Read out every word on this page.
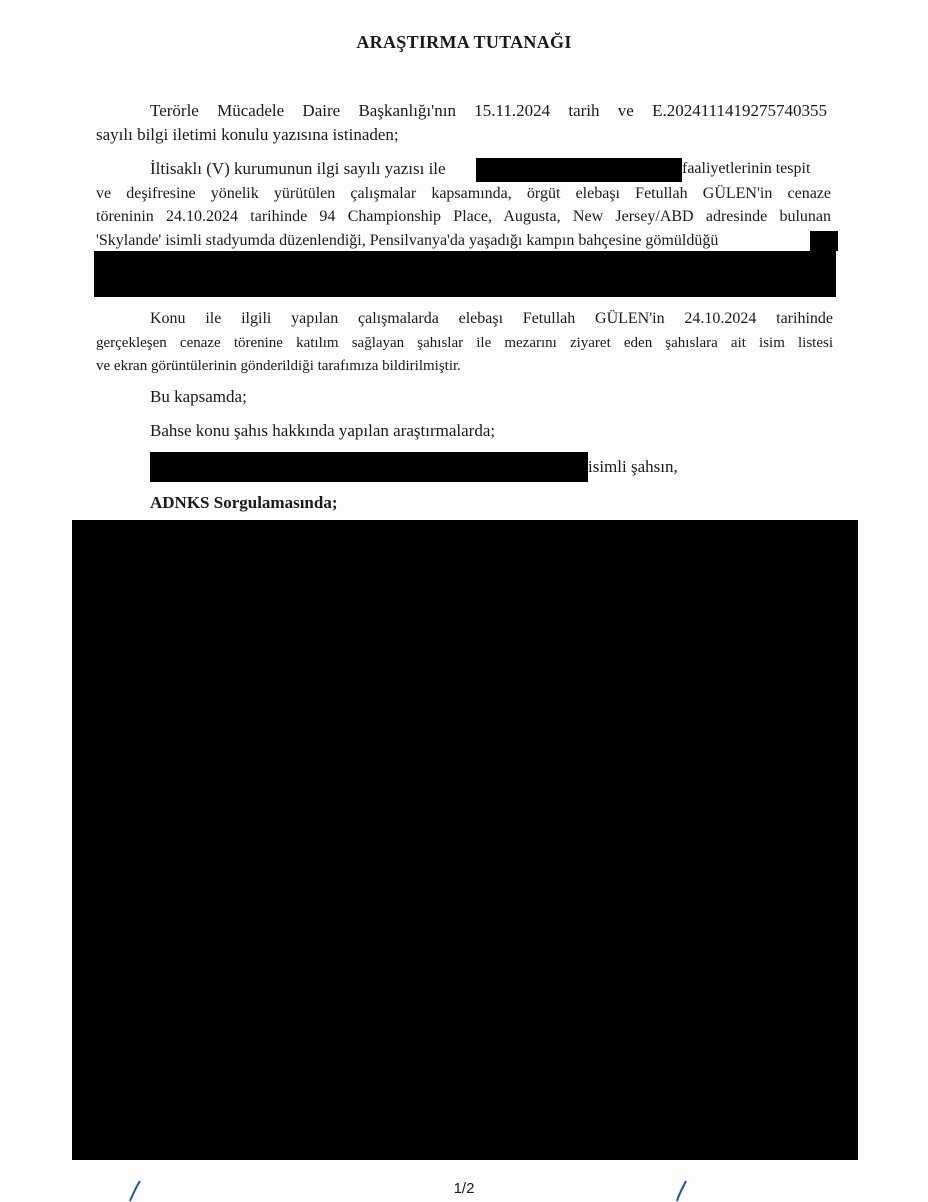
ARAŞTIRMA TUTANAĞI
Terörle Mücadele Daire Başkanlığı'nın 15.11.2024 tarih ve E.2024111419275740355
sayılı bilgi iletimi konulu yazısına istinaden;
İltisaklı (V) kurumunun ilgi sayılı yazısı ile	faaliyetlerinin tespit
ve deşifresine yönelik yürütülen çalışmalar kapsamında, örgüt elebaşı Fetullah GÜLEN'in cenaze
töreninin 24.10.2024 tarihinde 94 Championship Place, Augusta, New Jersey/ABD adresinde bulunan
'Skylande' isimli stadyumda düzenlendiği, Pensilvanya'da yaşadığı kampın bahçesine gömüldüğü
Konu ile ilgili yapılan çalışmalarda elebaşı Fetullah GÜLEN'in 24.10.2024 tarihinde
gerçekleşen cenaze törenine katılım sağlayan şahıslar ile mezarını ziyaret eden şahıslara ait isim listesi
ve ekran görüntülerinin gönderildiği tarafımıza bildirilmiştir.
Bu kapsamda;
Bahse konu şahıs hakkında yapılan araştırmalarda;
isimli şahsın,
ADNKS Sorgulamasında;
1/2
